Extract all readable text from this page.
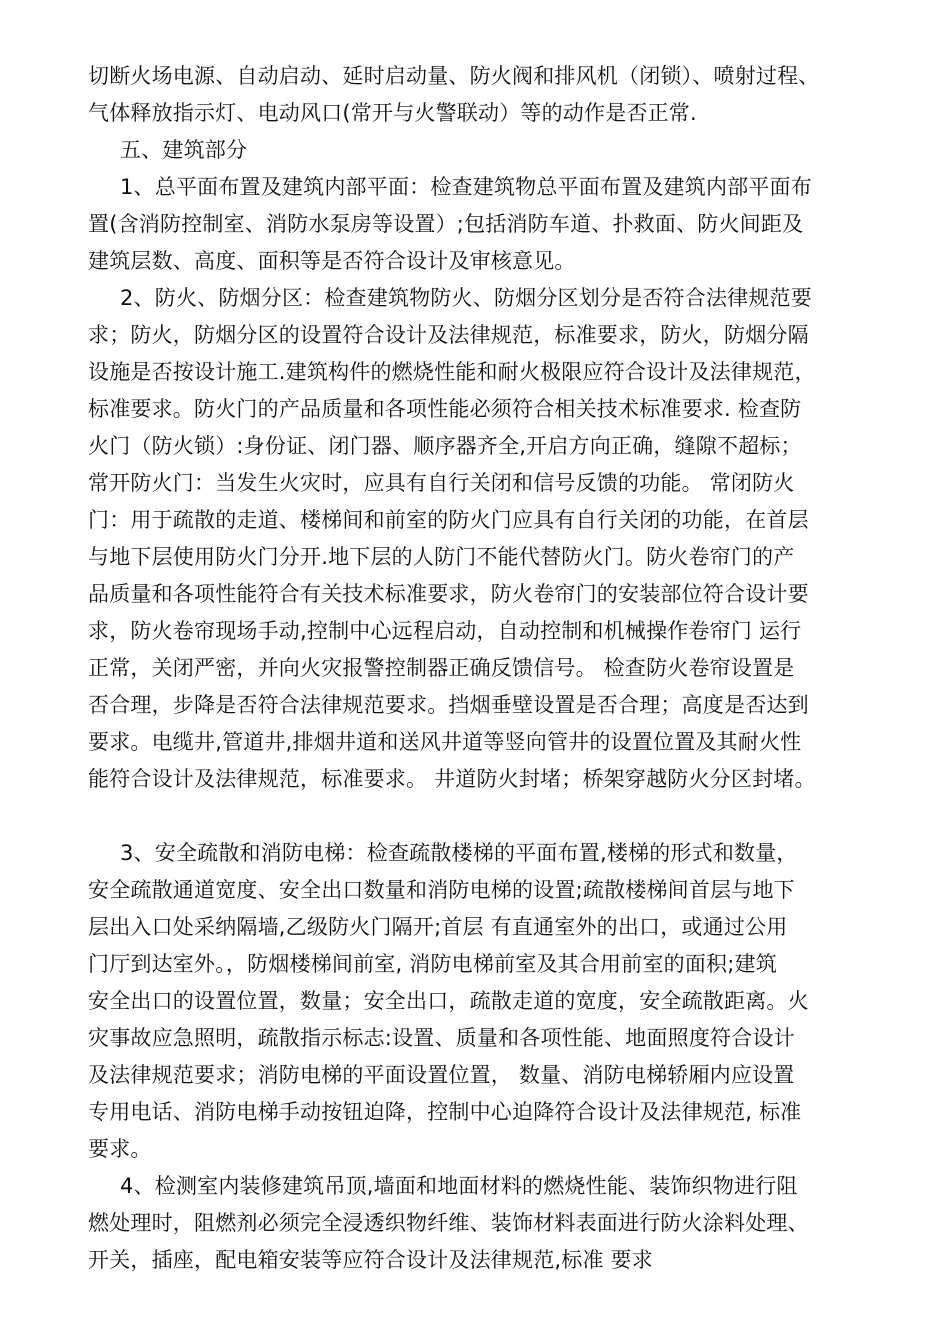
切断火场电源、自动启动、延时启动量、防火阀和排风机（闭锁）、喷射过程、
气体释放指示灯、电动风口(常开与火警联动）等的动作是否正常.
五、建筑部分
1、总平面布置及建筑内部平面：检查建筑物总平面布置及建筑内部平面布
置(含消防控制室、消防水泵房等设置）;包括消防车道、扑救面、防火间距及
建筑层数、高度、面积等是否符合设计及审核意见。
2、防火、防烟分区：检查建筑物防火、防烟分区划分是否符合法律规范要
求；防火，防烟分区的设置符合设计及法律规范，标准要求，防火，防烟分隔
设施是否按设计施工.建筑构件的燃烧性能和耐火极限应符合设计及法律规范，
标准要求。防火门的产品质量和各项性能必须符合相关技术标准要求. 检查防
火门（防火锁）:身份证、闭门器、顺序器齐全,开启方向正确，缝隙不超标；
常开防火门：当发生火灾时，应具有自行关闭和信号反馈的功能。 常闭防火
门：用于疏散的走道、楼梯间和前室的防火门应具有自行关闭的功能，在首层
与地下层使用防火门分开.地下层的人防门不能代替防火门。防火卷帘门的产
品质量和各项性能符合有关技术标准要求，防火卷帘门的安装部位符合设计要
求，防火卷帘现场手动,控制中心远程启动，自动控制和机械操作卷帘门 运行
正常，关闭严密，并向火灾报警控制器正确反馈信号。 检查防火卷帘设置是
否合理，步降是否符合法律规范要求。挡烟垂壁设置是否合理；高度是否达到
要求。电缆井,管道井,排烟井道和送风井道等竖向管井的设置位置及其耐火性
能符合设计及法律规范，标准要求。 井道防火封堵；桥架穿越防火分区封堵。
3、安全疏散和消防电梯：检查疏散楼梯的平面布置,楼梯的形式和数量，
安全疏散通道宽度、安全出口数量和消防电梯的设置;疏散楼梯间首层与地下
层出入口处采纳隔墙,乙级防火门隔开;首层 有直通室外的出口，或通过公用
门厅到达室外。，防烟楼梯间前室, 消防电梯前室及其合用前室的面积;建筑
安全出口的设置位置，数量；安全出口，疏散走道的宽度，安全疏散距离。火
灾事故应急照明，疏散指示标志:设置、质量和各项性能、地面照度符合设计
及法律规范要求；消防电梯的平面设置位置， 数量、消防电梯轿厢内应设置
专用电话、消防电梯手动按钮迫降，控制中心迫降符合设计及法律规范, 标准
要求。
4、检测室内装修建筑吊顶,墙面和地面材料的燃烧性能、装饰织物进行阻
燃处理时，阻燃剂必须完全浸透织物纤维、装饰材料表面进行防火涂料处理、
开关，插座，配电箱安装等应符合设计及法律规范,标准 要求
